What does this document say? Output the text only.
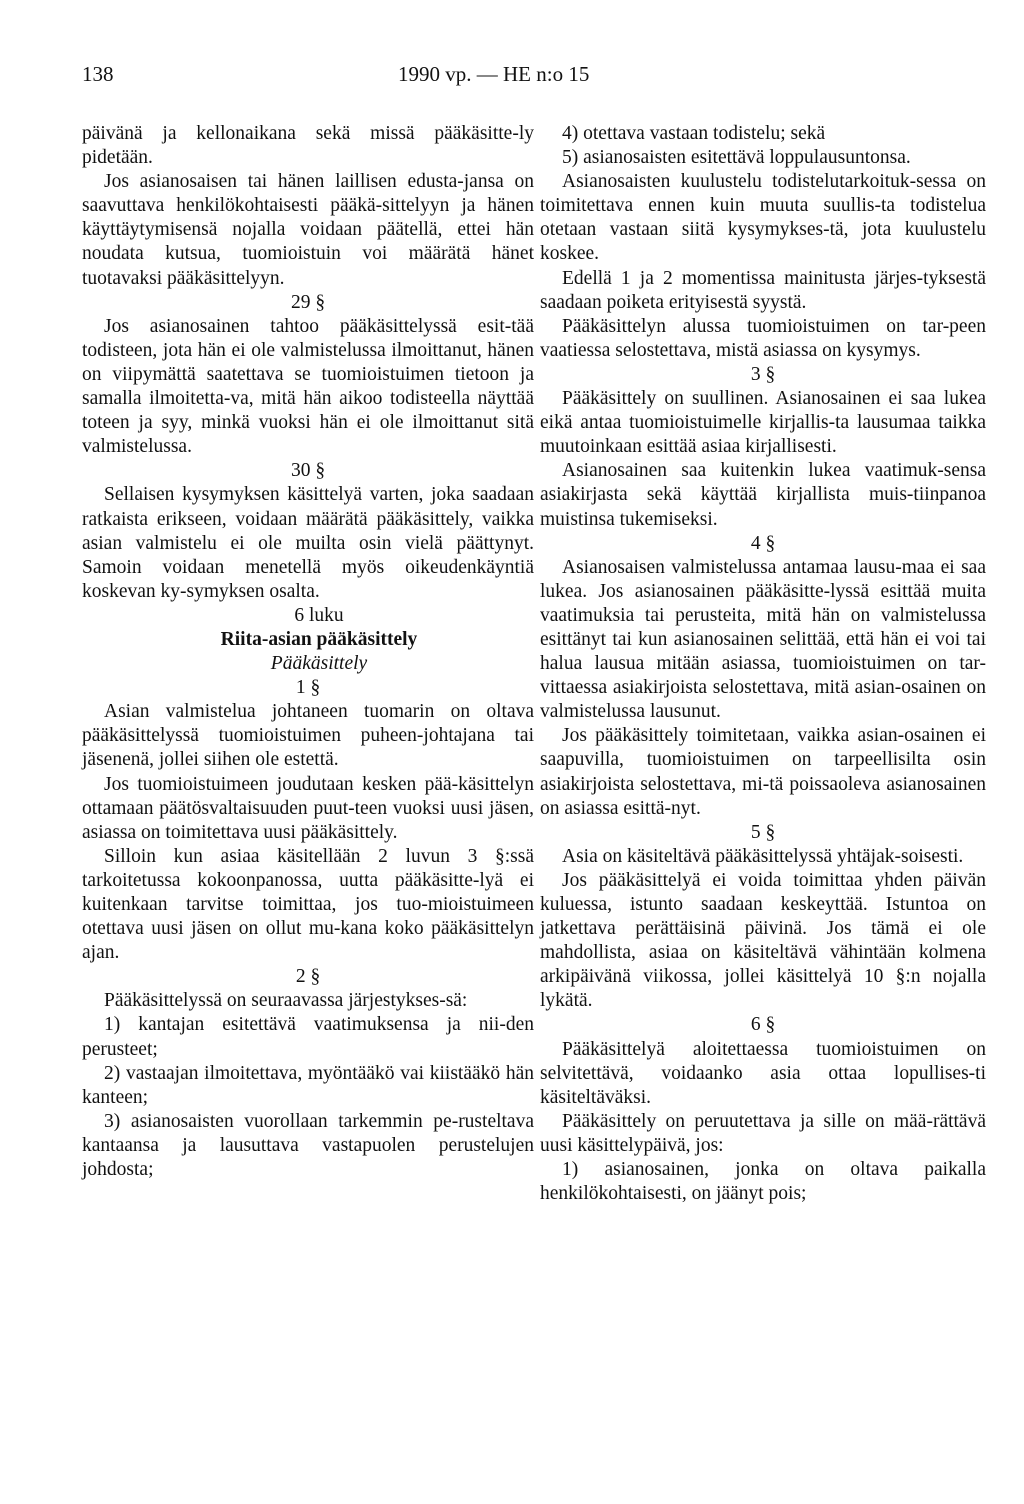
138	1990 vp. — HE n:o 15

päivänä ja kellonaikana sekä missä pääkäsitte-ly pidetään.

Jos asianosaisen tai hänen laillisen edusta-jansa on saavuttava henkilökohtaisesti pääkä-sittelyyn ja hänen käyttäytymisensä nojalla voidaan päätellä, ettei hän noudata kutsua, tuomioistuin voi määrätä hänet tuotavaksi pääkäsittelyyn.

29 §

Jos asianosainen tahtoo pääkäsittelyssä esit-tää todisteen, jota hän ei ole valmistelussa ilmoittanut, hänen on viipymättä saatettava se tuomioistuimen tietoon ja samalla ilmoitetta-va, mitä hän aikoo todisteella näyttää toteen ja syy, minkä vuoksi hän ei ole ilmoittanut sitä valmistelussa.

30 §

Sellaisen kysymyksen käsittelyä varten, joka saadaan ratkaista erikseen, voidaan määrätä pääkäsittely, vaikka asian valmistelu ei ole muilta osin vielä päättynyt. Samoin voidaan menetellä myös oikeudenkäyntiä koskevan ky-symyksen osalta.

6 luku

Riita-asian pääkäsittely

Pääkäsittely

1 §

Asian valmistelua johtaneen tuomarin on oltava pääkäsittelyssä tuomioistuimen puheen-johtajana tai jäsenenä, jollei siihen ole estettä.

Jos tuomioistuimeen joudutaan kesken pää-käsittelyn ottamaan päätösvaltaisuuden puut-teen vuoksi uusi jäsen, asiassa on toimitettava uusi pääkäsittely.

Silloin kun asiaa käsitellään 2 luvun 3 §:ssä tarkoitetussa kokoonpanossa, uutta pääkäsitte-lyä ei kuitenkaan tarvitse toimittaa, jos tuo-mioistuimeen otettava uusi jäsen on ollut mu-kana koko pääkäsittelyn ajan.

2 §

Pääkäsittelyssä on seuraavassa järjestykses-sä:

1) kantajan esitettävä vaatimuksensa ja nii-den perusteet;

2) vastaajan ilmoitettava, myöntääkö vai kiistääkö hän kanteen;

3) asianosaisten vuorollaan tarkemmin pe-rusteltava kantaansa ja lausuttava vastapuolen perustelujen johdosta;

4) otettava vastaan todistelu; sekä

5) asianosaisten esitettävä loppulausuntonsa.

Asianosaisten kuulustelu todistelutarkoituk-sessa on toimitettava ennen kuin muuta suullis-ta todistelua otetaan vastaan siitä kysymykses-tä, jota kuulustelu koskee.

Edellä 1 ja 2 momentissa mainitusta järjes-tyksestä saadaan poiketa erityisestä syystä.

Pääkäsittelyn alussa tuomioistuimen on tar-peen vaatiessa selostettava, mistä asiassa on kysymys.

3 §

Pääkäsittely on suullinen. Asianosainen ei saa lukea eikä antaa tuomioistuimelle kirjallis-ta lausumaa taikka muutoinkaan esittää asiaa kirjallisesti.

Asianosainen saa kuitenkin lukea vaatimuk-sensa asiakirjasta sekä käyttää kirjallista muis-tiinpanoa muistinsa tukemiseksi.

4 §

Asianosaisen valmistelussa antamaa lausu-maa ei saa lukea. Jos asianosainen pääkäsitte-lyssä esittää muita vaatimuksia tai perusteita, mitä hän on valmistelussa esittänyt tai kun asianosainen selittää, että hän ei voi tai halua lausua mitään asiassa, tuomioistuimen on tar-vittaessa asiakirjoista selostettava, mitä asian-osainen on valmistelussa lausunut.

Jos pääkäsittely toimitetaan, vaikka asian-osainen ei saapuvilla, tuomioistuimen on tarpeellisilta osin asiakirjoista selostettava, mi-tä poissaoleva asianosainen on asiassa esittä-nyt.

5 §

Asia on käsiteltävä pääkäsittelyssä yhtäjak-soisesti.

Jos pääkäsittelyä ei voida toimittaa yhden päivän kuluessa, istunto saadaan keskeyttää. Istuntoa on jatkettava perättäisinä päivinä. Jos tämä ei ole mahdollista, asiaa on käsiteltävä vähintään kolmena arkipäivänä viikossa, jollei käsittelyä 10 §:n nojalla lykätä.

6 §

Pääkäsittelyä aloitettaessa tuomioistuimen on selvitettävä, voidaanko asia ottaa lopullises-ti käsiteltäväksi.

Pääkäsittely on peruutettava ja sille on mää-rättävä uusi käsittelypäivä, jos:

1) asianosainen, jonka on oltava paikalla henkilökohtaisesti, on jäänyt pois;
